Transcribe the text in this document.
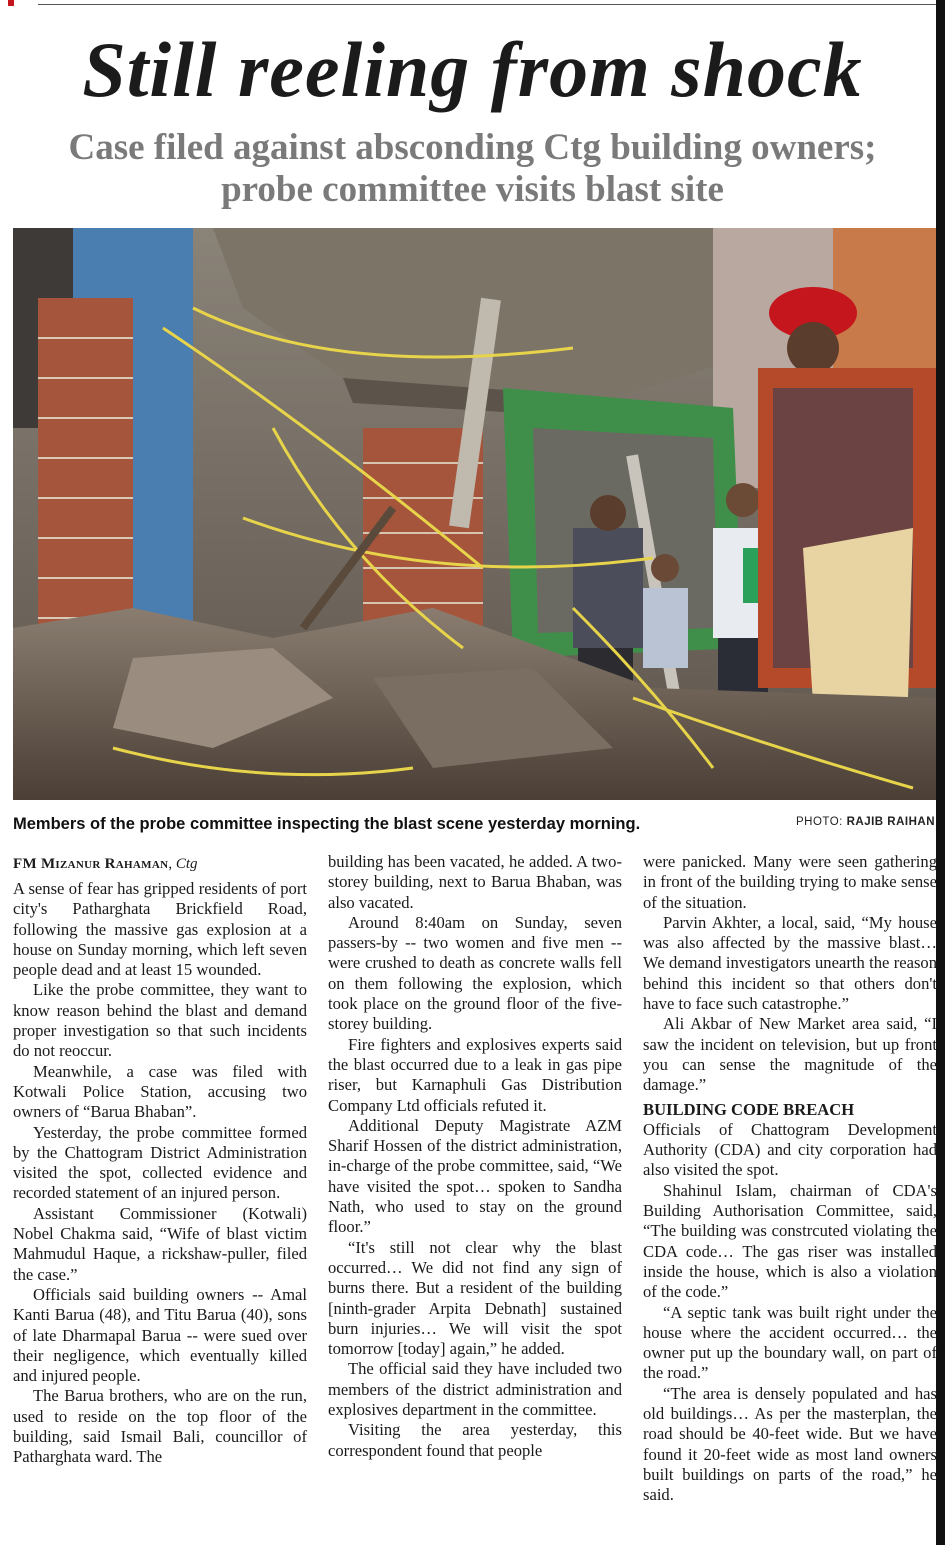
Still reeling from shock
Case filed against absconding Ctg building owners;
probe committee visits blast site
Members of the probe committee inspecting the blast scene yesterday morning.	PHOTO: RAJIB RAIHAN
FM Mizanur Rahaman, Ctg

A sense of fear has gripped residents of port city's Patharghata Brickfield Road, following the massive gas explosion at a house on Sunday morning, which left seven people dead and at least 15 wounded.

Like the probe committee, they want to know reason behind the blast and demand proper investigation so that such incidents do not reoccur.

Meanwhile, a case was filed with Kotwali Police Station, accusing two owners of “Barua Bhaban”.

Yesterday, the probe committee formed by the Chattogram District Administration visited the spot, collected evidence and recorded statement of an injured person.

Assistant Commissioner (Kotwali) Nobel Chakma said, “Wife of blast victim Mahmudul Haque, a rickshaw-puller, filed the case.”

Officials said building owners -- Amal Kanti Barua (48), and Titu Barua (40), sons of late Dharmapal Barua -- were sued over their negligence, which eventually killed and injured people.

The Barua brothers, who are on the run, used to reside on the top floor of the building, said Ismail Bali, councillor of Patharghata ward. The

building has been vacated, he added. A two-storey building, next to Barua Bhaban, was also vacated.

Around 8:40am on Sunday, seven passers-by -- two women and five men -- were crushed to death as concrete walls fell on them following the explosion, which took place on the ground floor of the five-storey building.

Fire fighters and explosives experts said the blast occurred due to a leak in gas pipe riser, but Karnaphuli Gas Distribution Company Ltd officials refuted it.

Additional Deputy Magistrate AZM Sharif Hossen of the district administration, in-charge of the probe committee, said, “We have visited the spot… spoken to Sandha Nath, who used to stay on the ground floor.”

“It's still not clear why the blast occurred… We did not find any sign of burns there. But a resident of the building [ninth-grader Arpita Debnath] sustained burn injuries… We will visit the spot tomorrow [today] again,” he added.

The official said they have included two members of the district administration and explosives department in the committee.

Visiting the area yesterday, this correspondent found that people

were panicked. Many were seen gathering in front of the building trying to make sense of the situation.

Parvin Akhter, a local, said, “My house was also affected by the massive blast… We demand investigators unearth the reason behind this incident so that others don't have to face such catastrophe.”

Ali Akbar of New Market area said, “I saw the incident on television, but up front you can sense the magnitude of the damage.”

BUILDING CODE BREACH

Officials of Chattogram Development Authority (CDA) and city corporation had also visited the spot.

Shahinul Islam, chairman of CDA's Building Authorisation Committee, said, “The building was constrcuted violating the CDA code… The gas riser was installed inside the house, which is also a violation of the code.”

“A septic tank was built right under the house where the accident occurred… the owner put up the boundary wall, on part of the road.”

“The area is densely populated and has old buildings… As per the masterplan, the road should be 40-feet wide. But we have found it 20-feet wide as most land owners built buildings on parts of the road,” he said.
